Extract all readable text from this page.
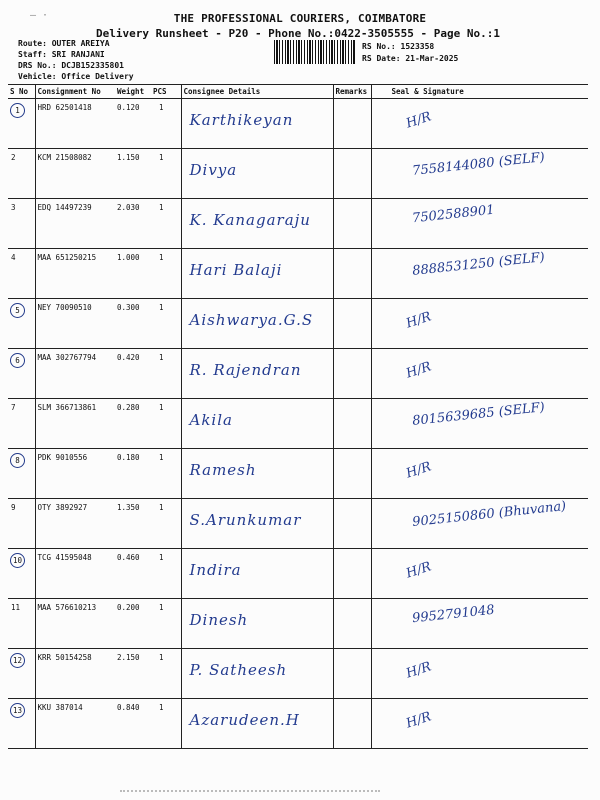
– ·	THE PROFESSIONAL COURIERS, COIMBATORE
Delivery Runsheet - P20 - Phone No.:0422-3505555 - Page No.:1
Route: OUTER AREIYA
Staff: SRI RANJANI
DRS No.: DCJB152335801
Vehicle: Office Delivery
RS No.: 1523358
RS Date: 21-Mar-2025
S No	Consignment No	Weight	PCS	Consignee Details	Remarks	Seal & Signature
1	HRD 62501418	0.120	1	Karthikeyan		H/R

2	KCM 21508082	1.150	1	Divya		7558144080 (SELF)

3	EDQ 14497239	2.030	1	K. Kanagaraju		7502588901

4	MAA 651250215	1.000	1	Hari Balaji		8888531250 (SELF)

5	NEY 70090510	0.300	1	Aishwarya.G.S		H/R

6	MAA 302767794	0.420	1	R. Rajendran		H/R

7	SLM 366713861	0.280	1	Akila		8015639685 (SELF)

8	PDK 9010556	0.180	1	Ramesh		H/R

9	OTY 3892927	1.350	1	S.Arunkumar		9025150860 (Bhuvana)

10	TCG 41595048	0.460	1	Indira		H/R

11	MAA 576610213	0.200	1	Dinesh		9952791048

12	KRR 50154258	2.150	1	P. Satheesh		H/R

13	KKU 387014	0.840	1	Azarudeen.H		H/R
